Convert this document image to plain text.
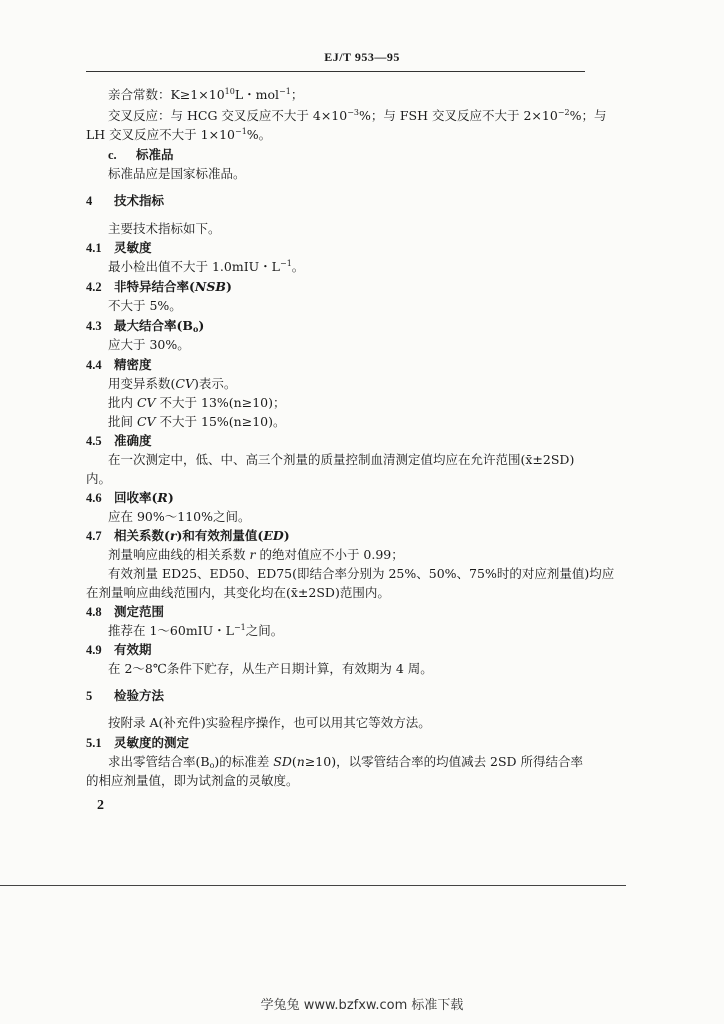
EJ/T 953—95
亲合常数：$K\ge 1\times 10^{10}L$・mol$^{-1}$；
交叉反应：与 HCG 交叉反应不大于 $4\times 10^{-3}\%$；与 FSH 交叉反应不大于 $2\times 10^{-2}\%$；与
LH 交叉反应不大于 $1\times 10^{-1}\%$。
c. 标准品
标准品应是国家标准品。
4 技术指标
主要技术指标如下。
4.1 灵敏度
最小检出值不大于 1.0mIU・$L^{-1}$。
4.2 非特异结合率(NSB)
不大于 5%。
4.3 最大结合率$(B_o)$
应大于 30%。
4.4 精密度
用变异系数(CV)表示。
批内 CV 不大于 13%(n≥10)；
批间 CV 不大于 15%(n≥10)。
4.5 准确度
在一次测定中，低、中、高三个剂量的质量控制血清测定值均应在允许范围(x̄±2SD)
内。
4.6 回收率(R)
应在 90%～110%之间。
4.7 相关系数(r)和有效剂量值(ED)
剂量响应曲线的相关系数 r 的绝对值应不小于 0.99；
有效剂量 ED25、ED50、ED75(即结合率分别为 25%、50%、75%时的对应剂量值)均应
在剂量响应曲线范围内，其变化均在(x̄±2SD)范围内。
4.8 测定范围
推荐在 1～60mIU・$L^{-1}$之间。
4.9 有效期
在 2～8℃条件下贮存，从生产日期计算，有效期为 4 周。
5 检验方法
按附录 A(补充件)实验程序操作，也可以用其它等效方法。
5.1 灵敏度的测定
求出零管结合率$(B_o)$的标准差 SD(n≥10)，以零管结合率的均值减去 2SD 所得结合率
的相应剂量值，即为试剂盒的灵敏度。
2
学兔兔 www.bzfxw.com 标准下载
